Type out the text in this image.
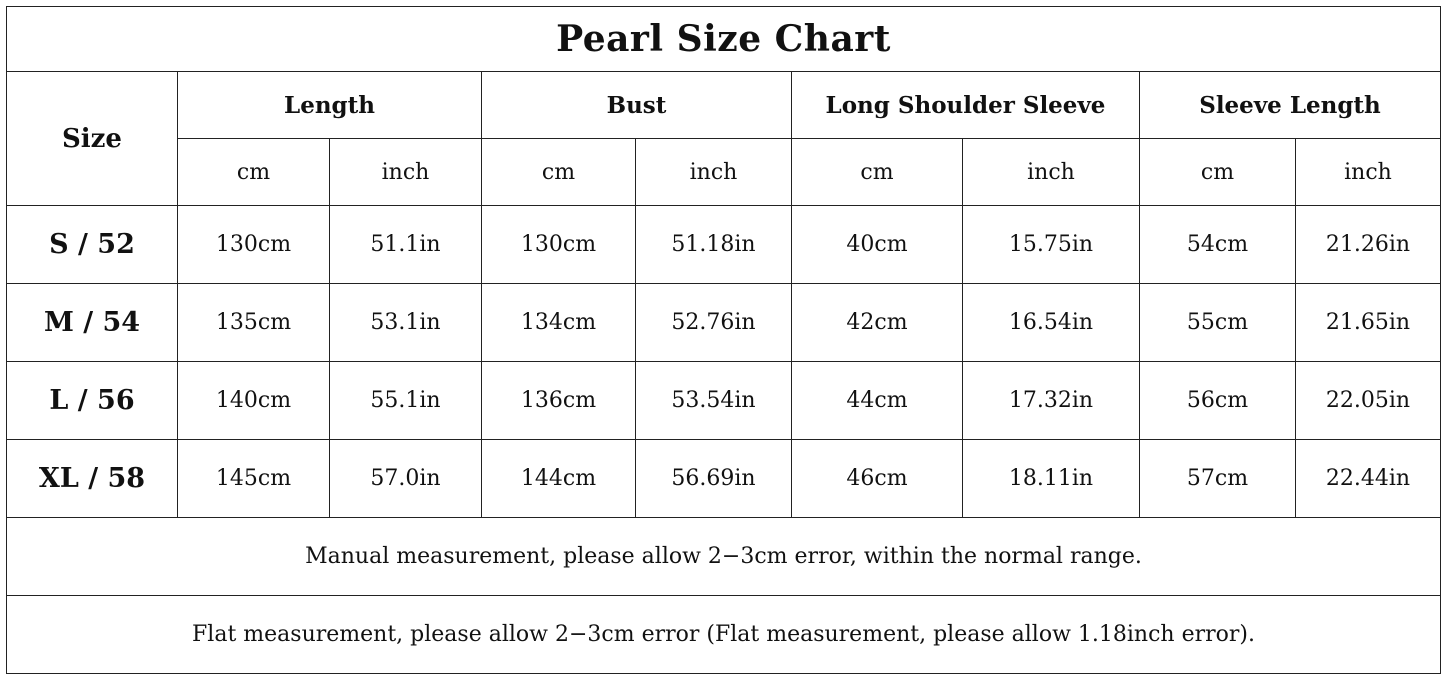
Pearl Size Chart								
Size	Length		Bust		Long Shoulder Sleeve		Sleeve Length	
	cm	inch	cm	inch	cm	inch	cm	inch
S / 52	130cm	51.1in	130cm	51.18in	40cm	15.75in	54cm	21.26in
M / 54	135cm	53.1in	134cm	52.76in	42cm	16.54in	55cm	21.65in
L / 56	140cm	55.1in	136cm	53.54in	44cm	17.32in	56cm	22.05in
XL / 58	145cm	57.0in	144cm	56.69in	46cm	18.11in	57cm	22.44in
Manual measurement, please allow 2−3cm error, within the normal range.								
Flat measurement, please allow 2−3cm error (Flat measurement, please allow 1.18inch error).								
